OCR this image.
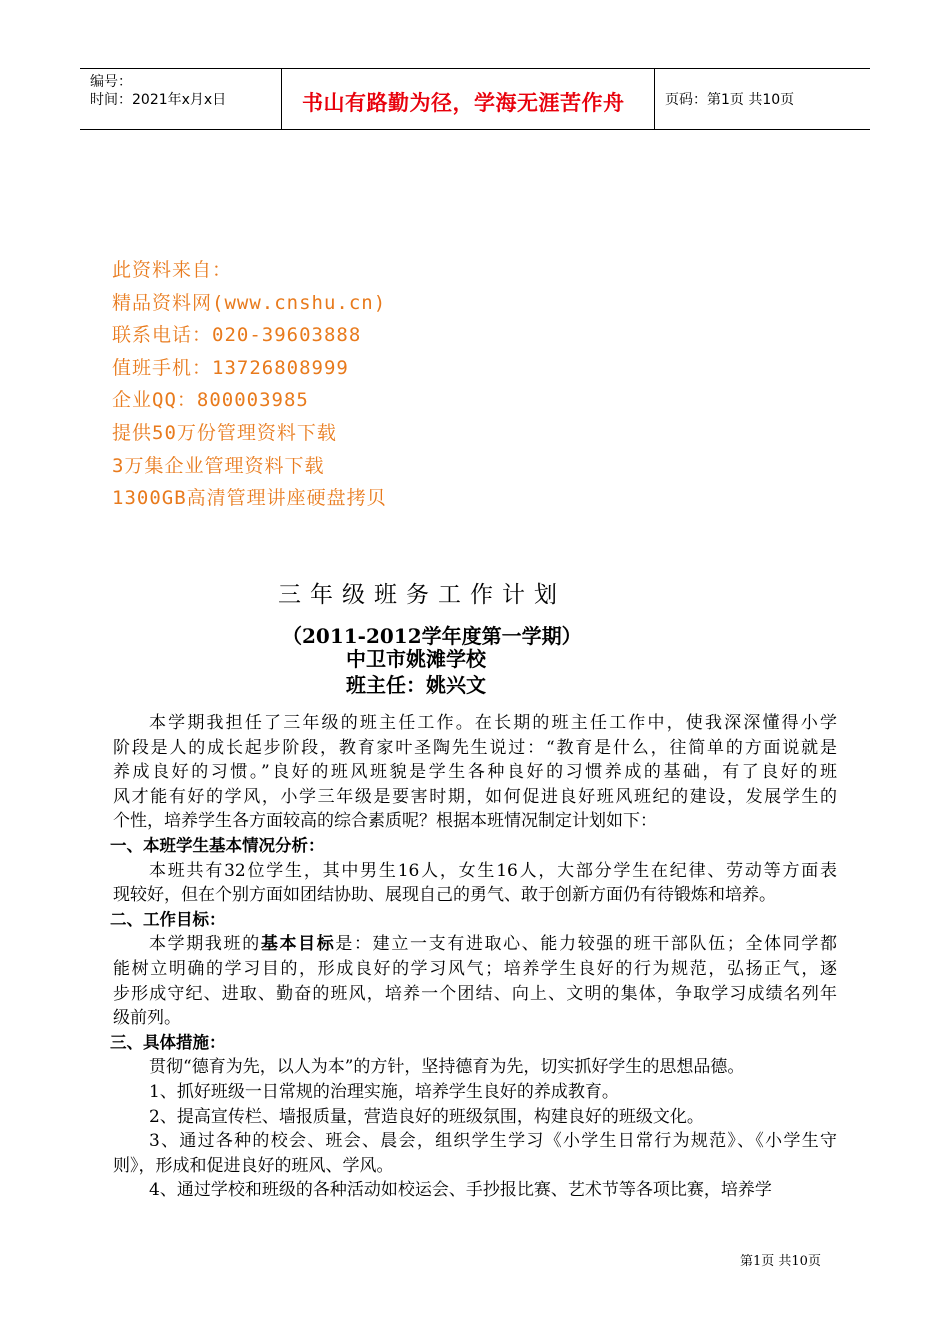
编号：
时间：2021年x月x日	书山有路勤为径，学海无涯苦作舟	页码：第1页 共10页
此资料来自：
精品资料网(www.cnshu.cn)
联系电话：020-39603888
值班手机：13726808999
企业QQ：800003985
提供50万份管理资料下载
3万集企业管理资料下载
1300GB高清管理讲座硬盘拷贝
三年级班务工作计划
（2011-2012学年度第一学期）
中卫市姚滩学校
班主任：姚兴文
本学期我担任了三年级的班主任工作。在长期的班主任工作中，使我深深懂得小学
阶段是人的成长起步阶段，教育家叶圣陶先生说过：“教育是什么，往简单的方面说就是
养成良好的习惯。”良好的班风班貌是学生各种良好的习惯养成的基础，有了良好的班
风才能有好的学风，小学三年级是要害时期，如何促进良好班风班纪的建设，发展学生的
个性，培养学生各方面较高的综合素质呢？根据本班情况制定计划如下：
一、本班学生基本情况分析：
本班共有32位学生，其中男生16人，女生16人，大部分学生在纪律、劳动等方面表
现较好，但在个别方面如团结协助、展现自己的勇气、敢于创新方面仍有待锻炼和培养。
二、工作目标：
本学期我班的基本目标是：建立一支有进取心、能力较强的班干部队伍；全体同学都
能树立明确的学习目的，形成良好的学习风气；培养学生良好的行为规范，弘扬正气，逐
步形成守纪、进取、勤奋的班风，培养一个团结、向上、文明的集体，争取学习成绩名列年
级前列。
三、具体措施：
贯彻“德育为先，以人为本”的方针，坚持德育为先，切实抓好学生的思想品德。
1、抓好班级一日常规的治理实施，培养学生良好的养成教育。
2、提高宣传栏、墙报质量，营造良好的班级氛围，构建良好的班级文化。
3、通过各种的校会、班会、晨会，组织学生学习《小学生日常行为规范》、《小学生守
则》，形成和促进良好的班风、学风。
4、通过学校和班级的各种活动如校运会、手抄报比赛、艺术节等各项比赛，培养学
第1页 共10页
